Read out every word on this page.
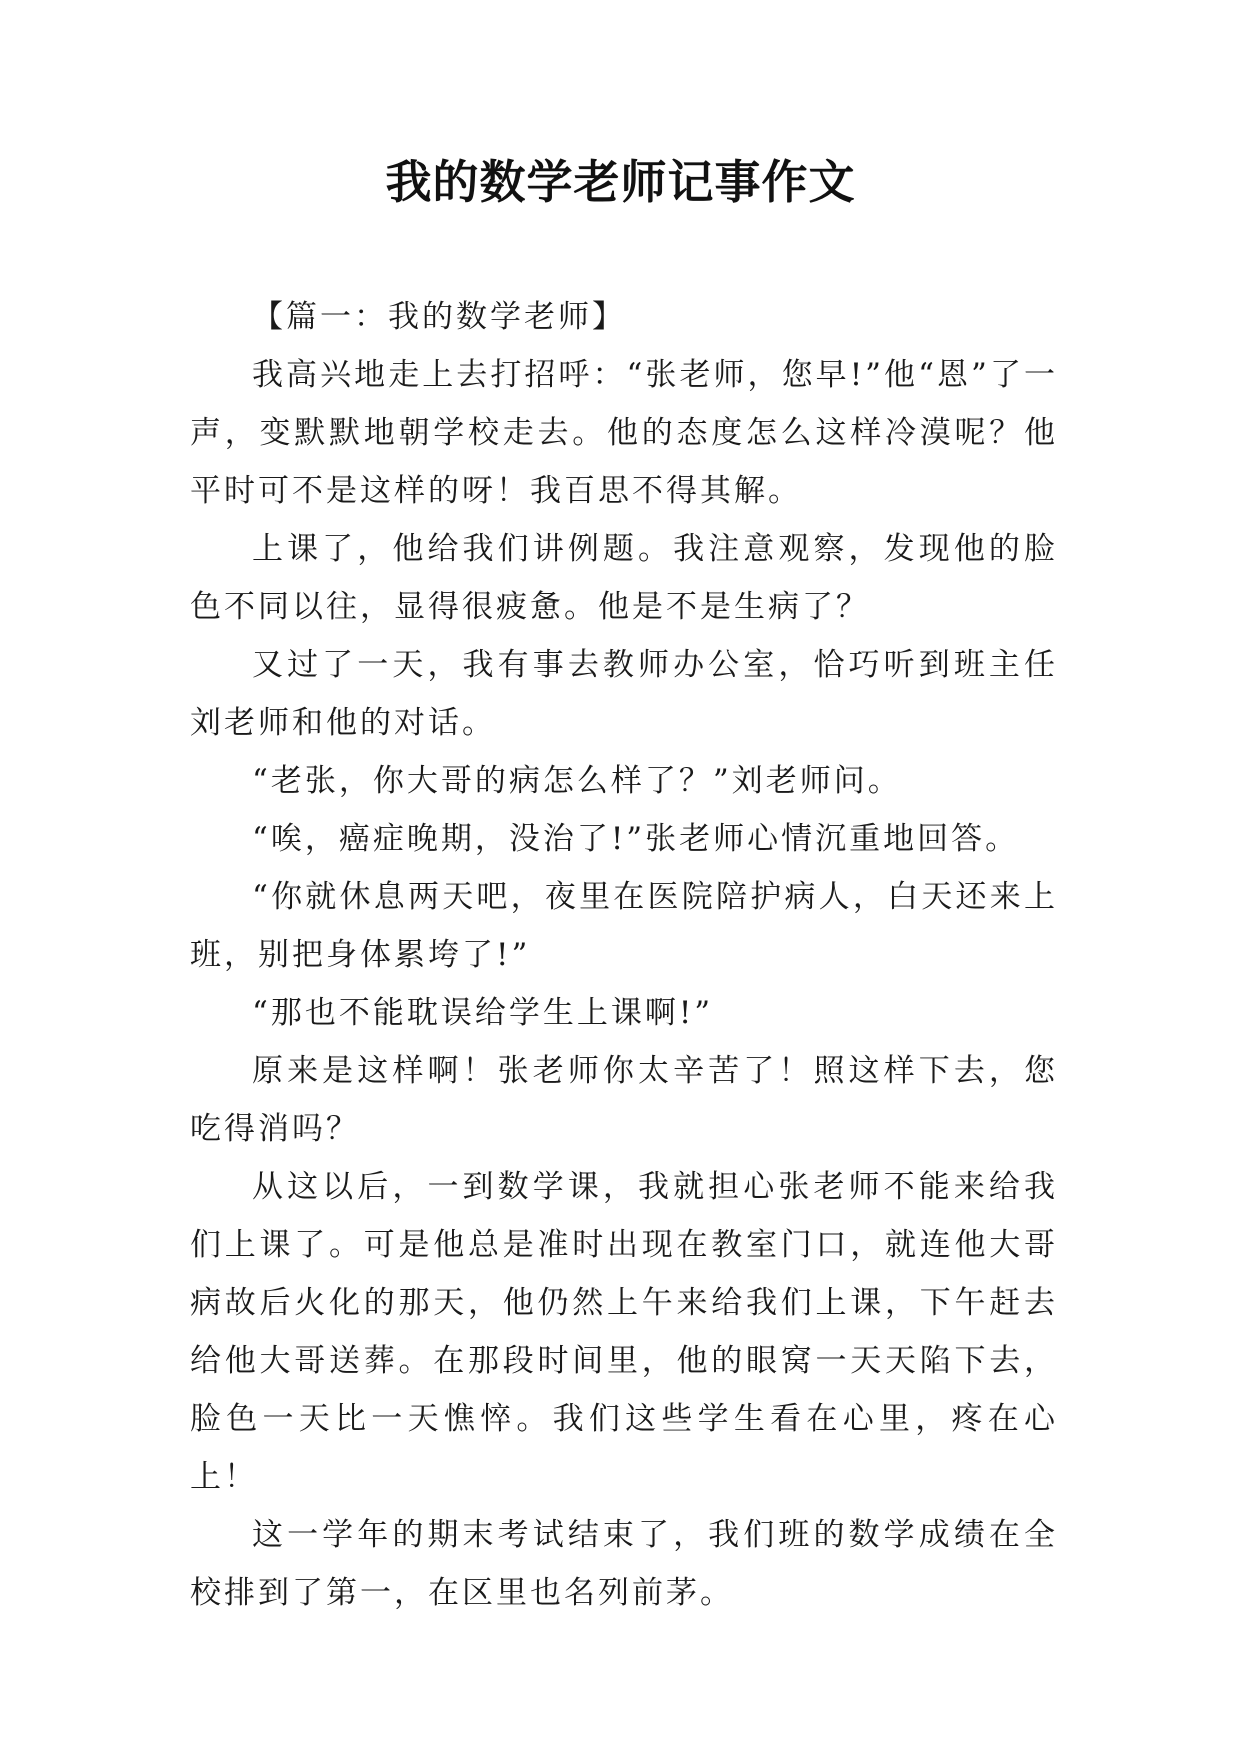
我的数学老师记事作文

【篇一：我的数学老师】

我高兴地走上去打招呼：“张老师，您早!”他“恩”了一声，变默默地朝学校走去。他的态度怎么这样冷漠呢？他平时可不是这样的呀！我百思不得其解。

上课了，他给我们讲例题。我注意观察，发现他的脸色不同以往，显得很疲惫。他是不是生病了？

又过了一天，我有事去教师办公室，恰巧听到班主任刘老师和他的对话。

“老张，你大哥的病怎么样了？”刘老师问。

“唉，癌症晚期，没治了!”张老师心情沉重地回答。

“你就休息两天吧，夜里在医院陪护病人，白天还来上班，别把身体累垮了!”

“那也不能耽误给学生上课啊!”

原来是这样啊！张老师你太辛苦了！照这样下去，您吃得消吗？

从这以后，一到数学课，我就担心张老师不能来给我们上课了。可是他总是准时出现在教室门口，就连他大哥病故后火化的那天，他仍然上午来给我们上课，下午赶去给他大哥送葬。在那段时间里，他的眼窝一天天陷下去，脸色一天比一天憔悴。我们这些学生看在心里，疼在心上！

这一学年的期末考试结束了，我们班的数学成绩在全校排到了第一，在区里也名列前茅。
